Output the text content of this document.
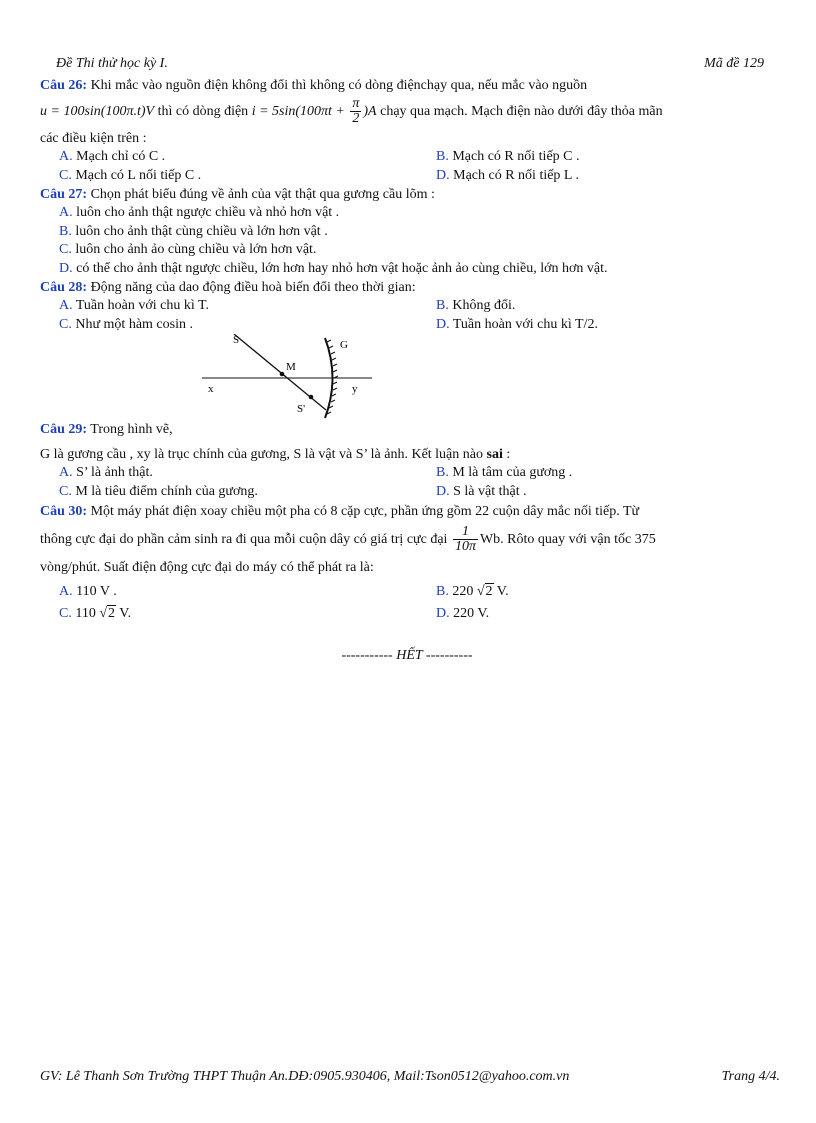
Đề Thi thử học kỳ I.	Mã đề 129
Câu 26: Khi mắc vào nguồn điện không đổi thì không có dòng điệnchạy qua, nếu mắc vào nguồn
u = 100sin(100π.t)V thì có dòng điện $i = 5\sin(100\pi t + \frac{\pi}{2} )A$ chạy qua mạch. Mạch điện nào dưới đây thỏa mãn
các điều kiện trên :
A. Mạch chỉ có C .	B. Mạch có R nối tiếp C .
C. Mạch có L nối tiếp C .	D. Mạch có R nối tiếp L .
Câu 27: Chọn phát biểu đúng về ảnh của vật thật qua gương cầu lõm :
A. luôn cho ảnh thật ngược chiều và nhỏ hơn vật .
B. luôn cho ảnh thật cùng chiều và lớn hơn vật .
C. luôn cho ảnh ảo cùng chiều và lớn hơn vật.
D. có thể cho ảnh thật ngược chiều, lớn hơn hay nhỏ hơn vật hoặc ảnh ảo cùng chiều, lớn hơn vật.
Câu 28: Động năng của dao động điều hoà biến đổi theo thời gian:
A. Tuần hoàn với chu kì T.	B. Không đổi.
C. Như một hàm cosin .	D. Tuần hoàn với chu kì T/2.
S	G
M
x	y
S'
Câu 29: Trong hình vẽ,
G là gương cầu , xy là trục chính của gương, S là vật và S’ là ảnh. Kết luận nào sai :
A. S’ là ảnh thật.	B. M là tâm của gương .
C. M là tiêu điểm chính của gương.	D. S là vật thật .
Câu 30: Một máy phát điện xoay chiều một pha có 8 cặp cực, phần ứng gồm 22 cuộn dây mắc nối tiếp. Từ
thông cực đại do phần cảm sinh ra đi qua mỗi cuộn dây có giá trị cực đại $\frac{1}{10\pi} Wb$. Rôto quay với vận tốc 375
vòng/phút. Suất điện động cực đại do máy có thể phát ra là:
A. 110 V .	B. 220 √2 V.
C. 110 √2 V.	D. 220 V.
----------- HẾT ----------
GV: Lê Thanh Sơn Trường THPT Thuận An.DĐ:0905.930406, Mail:Tson0512@yahoo.com.vn	Trang 4/4.
